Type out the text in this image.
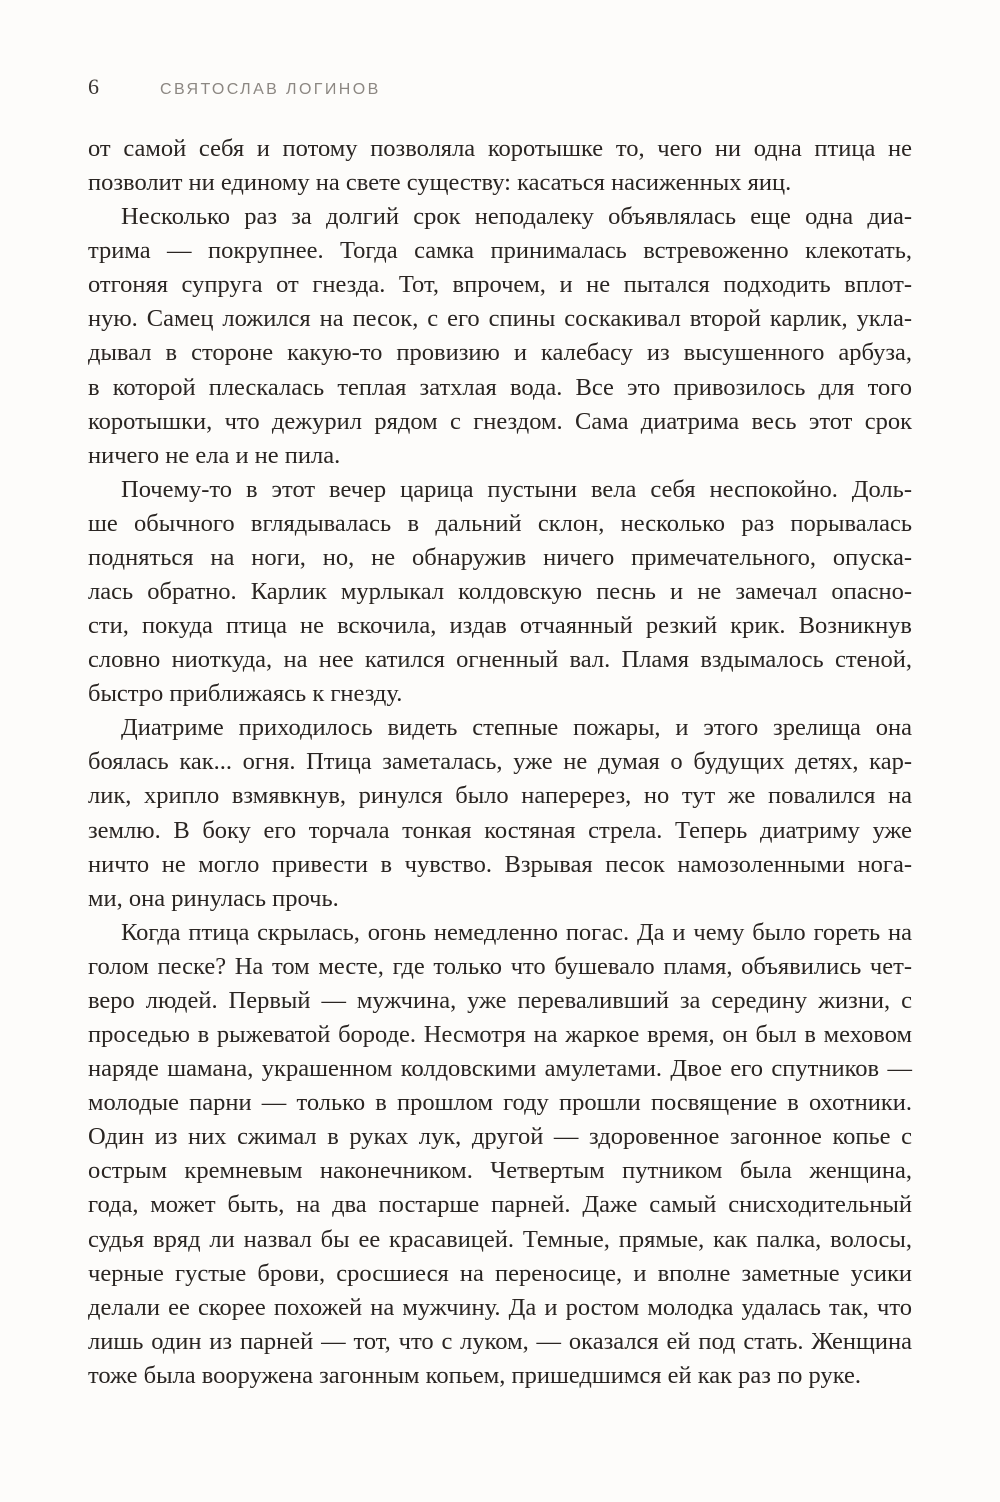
6	СВЯТОСЛАВ ЛОГИНОВ
от самой себя и потому позволяла коротышке то, чего ни одна птица не
позволит ни единому на свете существу: касаться насиженных яиц.
Несколько раз за долгий срок неподалеку объявлялась еще одна диа-
трима — покрупнее. Тогда самка принималась встревоженно клекотать,
отгоняя супруга от гнезда. Тот, впрочем, и не пытался подходить вплот-
ную. Самец ложился на песок, с его спины соскакивал второй карлик, укла-
дывал в стороне какую-то провизию и калебасу из высушенного арбуза,
в которой плескалась теплая затхлая вода. Все это привозилось для того
коротышки, что дежурил рядом с гнездом. Сама диатрима весь этот срок
ничего не ела и не пила.
Почему-то в этот вечер царица пустыни вела себя неспокойно. Доль-
ше обычного вглядывалась в дальний склон, несколько раз порывалась
подняться на ноги, но, не обнаружив ничего примечательного, опуска-
лась обратно. Карлик мурлыкал колдовскую песнь и не замечал опасно-
сти, покуда птица не вскочила, издав отчаянный резкий крик. Возникнув
словно ниоткуда, на нее катился огненный вал. Пламя вздымалось стеной,
быстро приближаясь к гнезду.
Диатриме приходилось видеть степные пожары, и этого зрелища она
боялась как... огня. Птица заметалась, уже не думая о будущих детях, кар-
лик, хрипло взмявкнув, ринулся было наперерез, но тут же повалился на
землю. В боку его торчала тонкая костяная стрела. Теперь диатриму уже
ничто не могло привести в чувство. Взрывая песок намозоленными нога-
ми, она ринулась прочь.
Когда птица скрылась, огонь немедленно погас. Да и чему было гореть на
голом песке? На том месте, где только что бушевало пламя, объявились чет-
веро людей. Первый — мужчина, уже переваливший за середину жизни, с
проседью в рыжеватой бороде. Несмотря на жаркое время, он был в меховом
наряде шамана, украшенном колдовскими амулетами. Двое его спутников —
молодые парни — только в прошлом году прошли посвящение в охотники.
Один из них сжимал в руках лук, другой — здоровенное загонное копье с
острым кремневым наконечником. Четвертым путником была женщина,
года, может быть, на два постарше парней. Даже самый снисходительный
судья вряд ли назвал бы ее красавицей. Темные, прямые, как палка, волосы,
черные густые брови, сросшиеся на переносице, и вполне заметные усики
делали ее скорее похожей на мужчину. Да и ростом молодка удалась так, что
лишь один из парней — тот, что с луком, — оказался ей под стать. Женщина
тоже была вооружена загонным копьем, пришедшимся ей как раз по руке.
